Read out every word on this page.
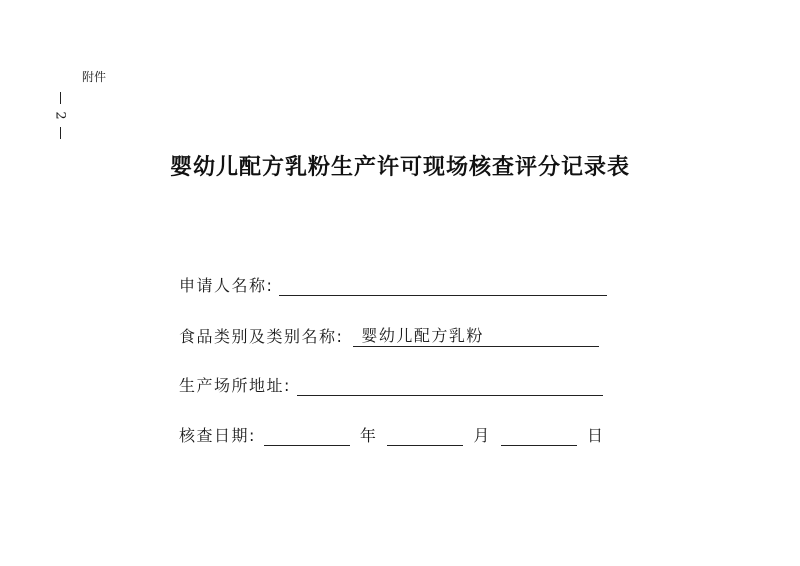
附件
2
婴幼儿配方乳粉生产许可现场核查评分记录表
申请人名称:
食品类别及类别名称:	婴幼儿配方乳粉
生产场所地址:
核查日期:	年	月	日
